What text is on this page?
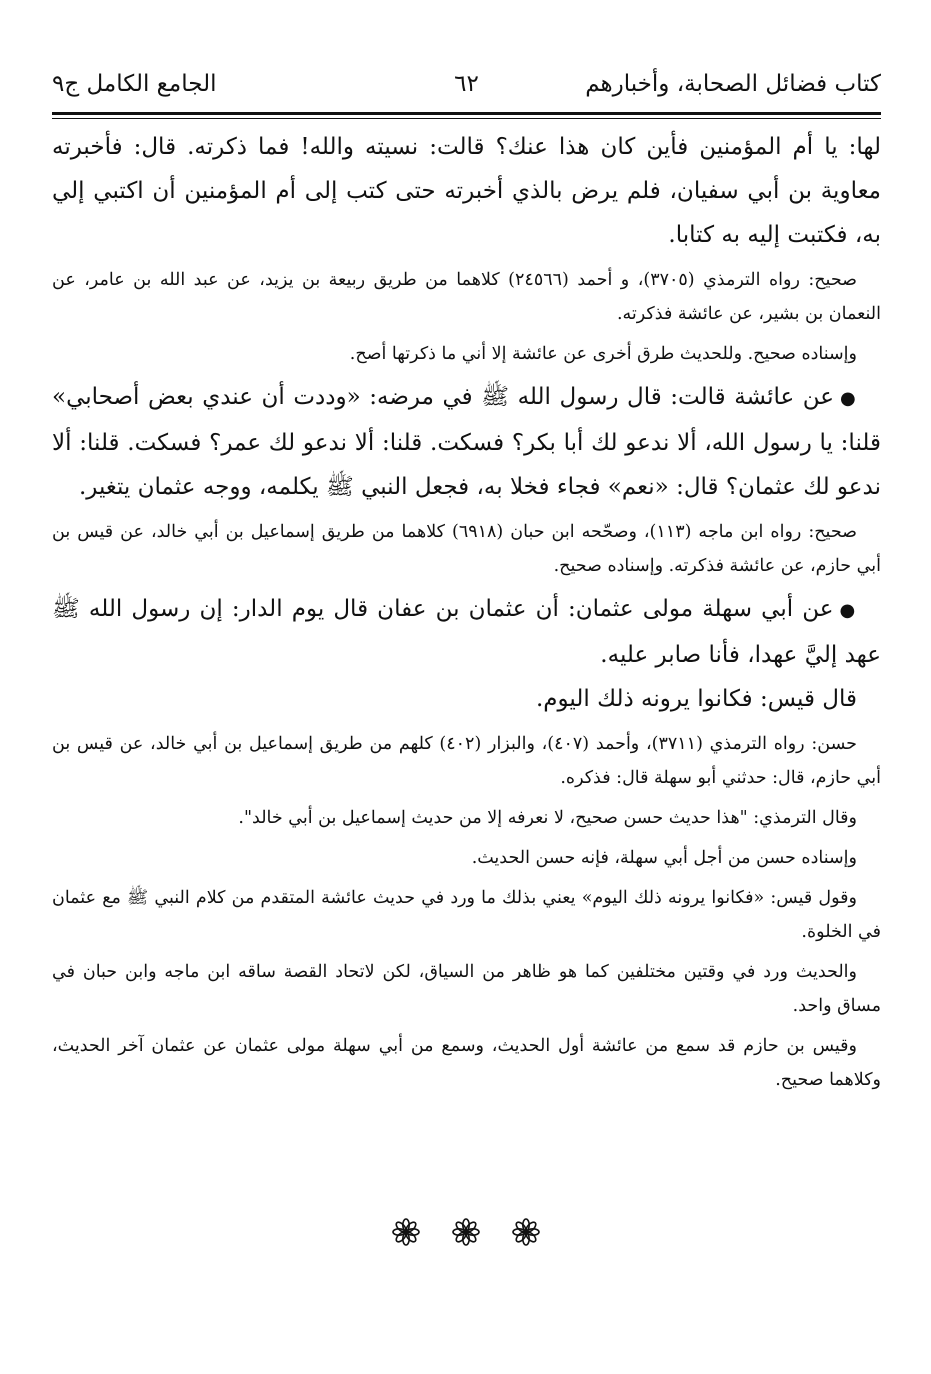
كتاب فضائل الصحابة، وأخبارهم
٦٢
الجامع الكامل ج٩

لها: يا أم المؤمنين فأين كان هذا عنك؟ قالت: نسيته والله! فما ذكرته. قال: فأخبرته معاوية بن أبي سفيان، فلم يرض بالذي أخبرته حتى كتب إلى أم المؤمنين أن اكتبي إلي به، فكتبت إليه به كتابا.

صحيح: رواه الترمذي (٣٧٠٥)، و أحمد (٢٤٥٦٦) كلاهما من طريق ربيعة بن يزيد، عن عبد الله بن عامر، عن النعمان بن بشير، عن عائشة فذكرته.

وإسناده صحيح. وللحديث طرق أخرى عن عائشة إلا أني ما ذكرتها أصح.

●عن عائشة قالت: قال رسول الله ﷺ في مرضه: «وددت أن عندي بعض أصحابي» قلنا: يا رسول الله، ألا ندعو لك أبا بكر؟ فسكت. قلنا: ألا ندعو لك عمر؟ فسكت. قلنا: ألا ندعو لك عثمان؟ قال: «نعم» فجاء فخلا به، فجعل النبي ﷺ يكلمه، ووجه عثمان يتغير.

صحيح: رواه ابن ماجه (١١٣)، وصحّحه ابن حبان (٦٩١٨) كلاهما من طريق إسماعيل بن أبي خالد، عن قيس بن أبي حازم، عن عائشة فذكرته. وإسناده صحيح.

●عن أبي سهلة مولى عثمان: أن عثمان بن عفان قال يوم الدار: إن رسول الله ﷺ عهد إليَّ عهدا، فأنا صابر عليه.

قال قيس: فكانوا يرونه ذلك اليوم.

حسن: رواه الترمذي (٣٧١١)، وأحمد (٤٠٧)، والبزار (٤٠٢) كلهم من طريق إسماعيل بن أبي خالد، عن قيس بن أبي حازم، قال: حدثني أبو سهلة قال: فذكره.

وقال الترمذي: "هذا حديث حسن صحيح، لا نعرفه إلا من حديث إسماعيل بن أبي خالد".

وإسناده حسن من أجل أبي سهلة، فإنه حسن الحديث.

وقول قيس: «فكانوا يرونه ذلك اليوم» يعني بذلك ما ورد في حديث عائشة المتقدم من كلام النبي ﷺ مع عثمان في الخلوة.

والحديث ورد في وقتين مختلفين كما هو ظاهر من السياق، لكن لاتحاد القصة ساقه ابن ماجه وابن حبان في مساق واحد.

وقيس بن حازم قد سمع من عائشة أول الحديث، وسمع من أبي سهلة مولى عثمان عن عثمان آخر الحديث، وكلاهما صحيح.
